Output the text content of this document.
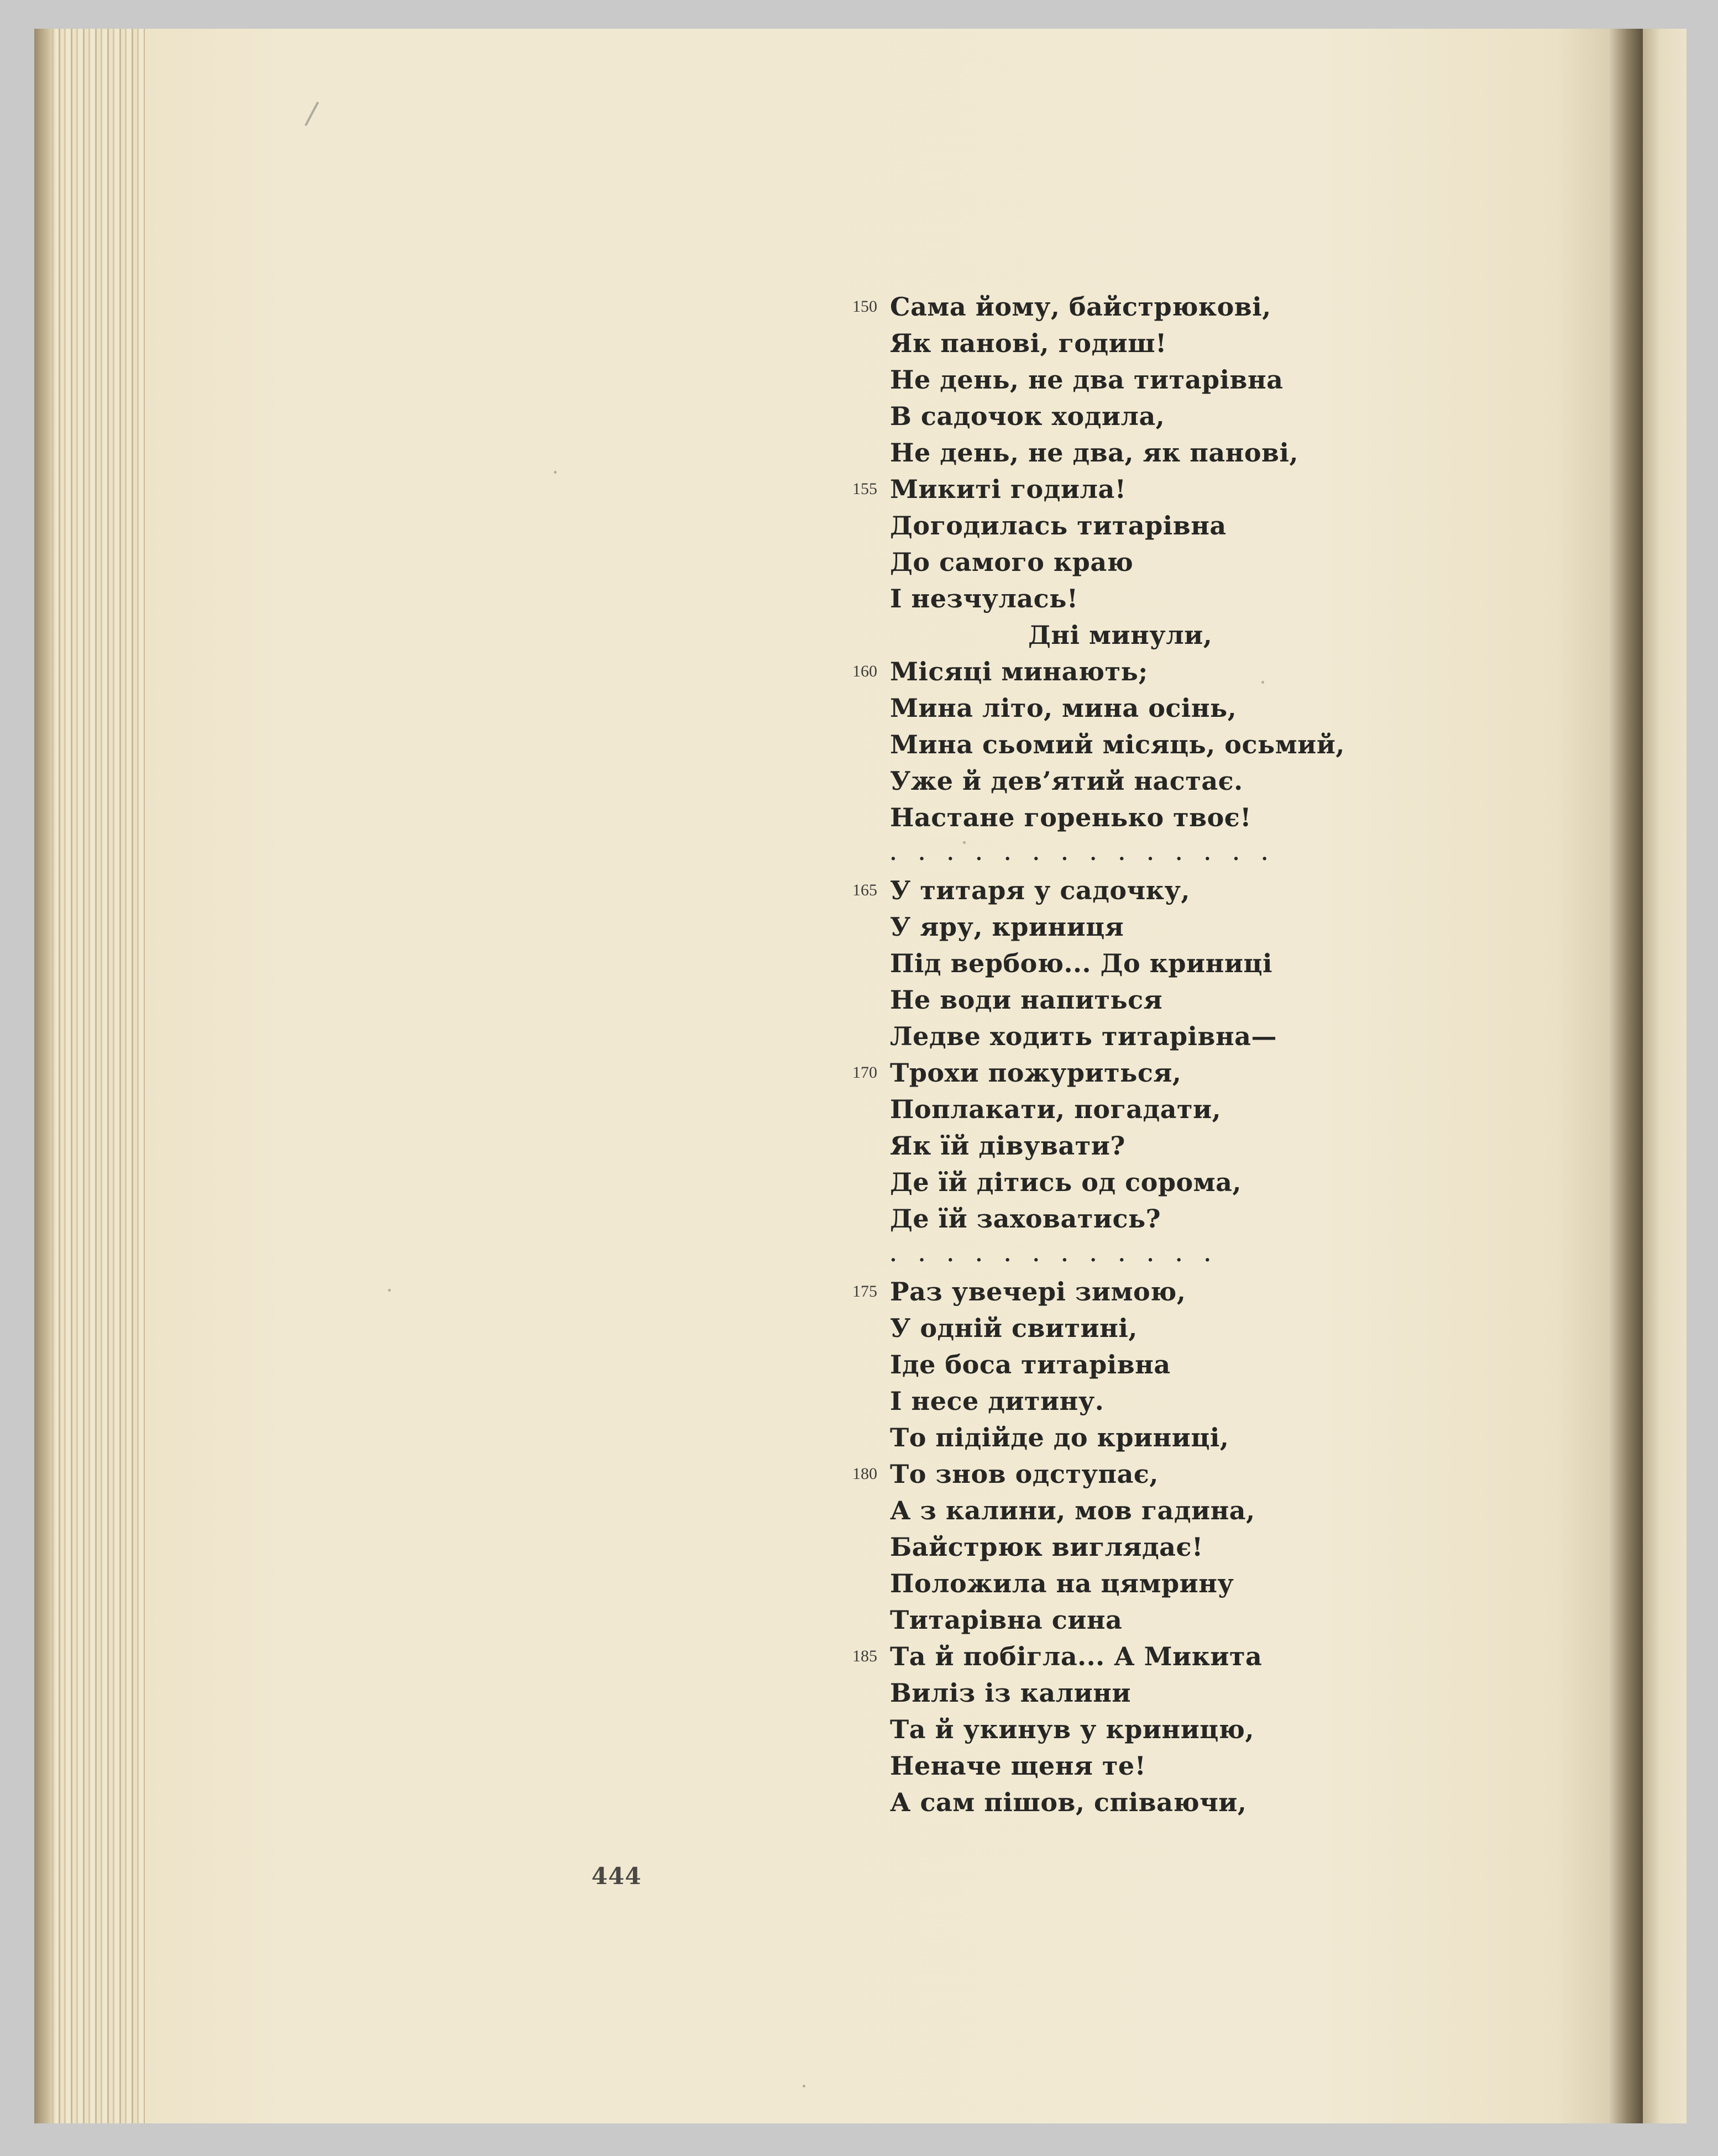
150 Сама йому, байстрюкові,
Як панові, годиш!
Не день, не два титарівна
В садочок ходила,
Не день, не два, як панові,
155 Микиті годила!
Догодилась титарівна
До самого краю
І незчулась!
Дні минули,
160 Місяці минають;
Мина літо, мина осінь,
Мина сьомий місяць, осьмий,
Уже й дев’ятий настає.
Настане горенько твоє!
. . . . . . . . . . . . . .
165 У титаря у садочку,
У яру, криниця
Під вербою... До криниці
Не води напиться
Ледве ходить титарівна—
170 Трохи пожуриться,
Поплакати, погадати,
Як їй дівувати?
Де їй дітись од сорома,
Де їй заховатись?
. . . . . . . . . . . .
175 Раз увечері зимою,
У одній свитині,
Іде боса титарівна
І несе дитину.
То підійде до криниці,
180 То знов одступає,
А з калини, мов гадина,
Байстрюк виглядає!
Положила на цямрину
Титарівна сина
185 Та й побігла... А Микита
Виліз із калини
Та й укинув у криницю,
Неначе щеня те!
А сам пішов, співаючи,
444
